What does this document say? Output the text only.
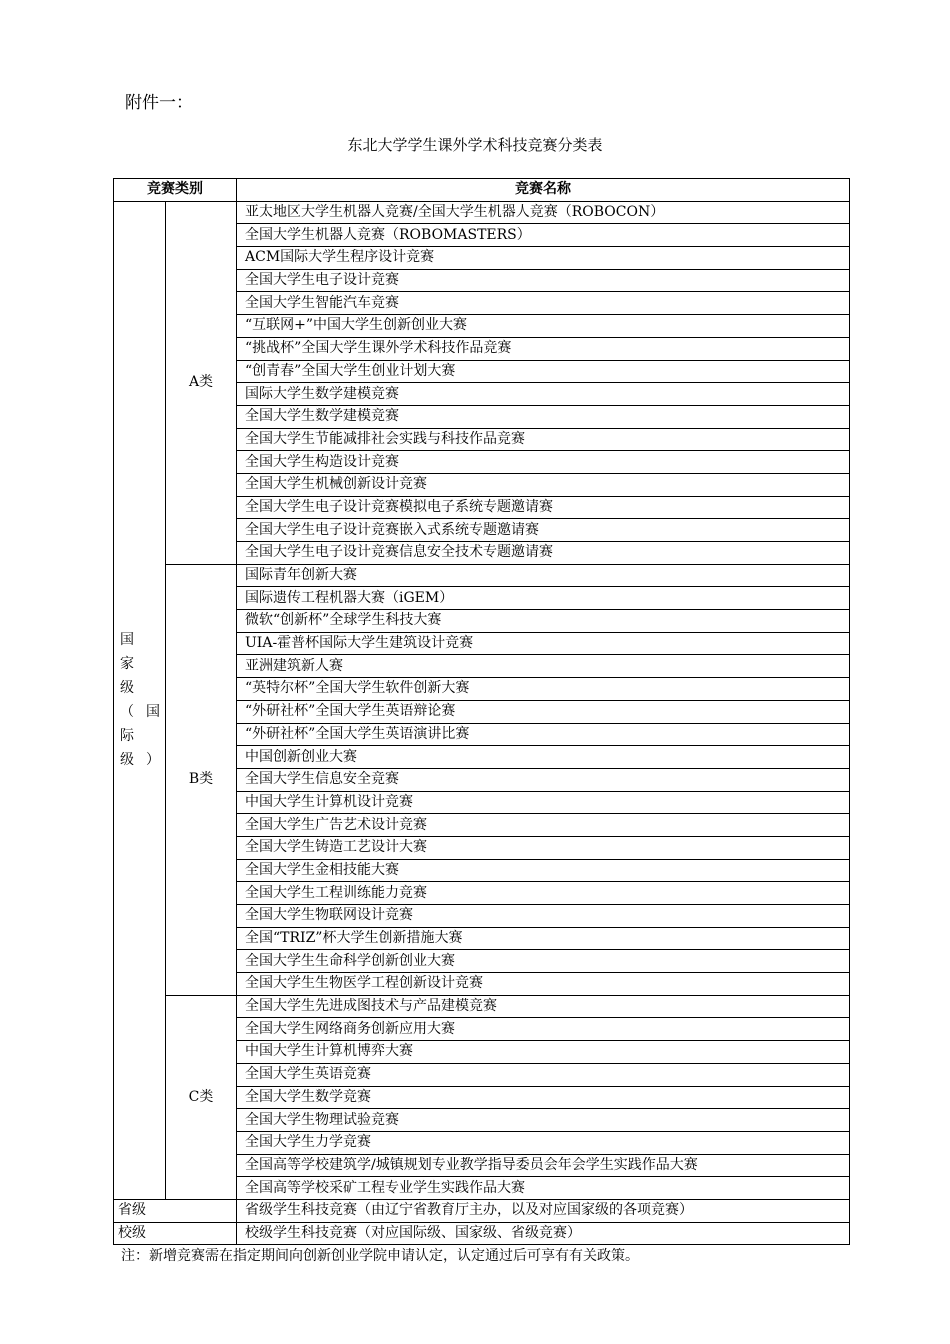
附件一：
东北大学学生课外学术科技竞赛分类表
竞赛类别		竞赛名称

国家级（国际级）	A类	亚太地区大学生机器人竞赛/全国大学生机器人竞赛（ROBOCON）
		全国大学生机器人竞赛（ROBOMASTERS）
		ACM国际大学生程序设计竞赛
		全国大学生电子设计竞赛
		全国大学生智能汽车竞赛
		“互联网+”中国大学生创新创业大赛
		“挑战杯”全国大学生课外学术科技作品竞赛
		“创青春”全国大学生创业计划大赛
		国际大学生数学建模竞赛
		全国大学生数学建模竞赛
		全国大学生节能减排社会实践与科技作品竞赛
		全国大学生构造设计竞赛
		全国大学生机械创新设计竞赛
		全国大学生电子设计竞赛模拟电子系统专题邀请赛
		全国大学生电子设计竞赛嵌入式系统专题邀请赛
		全国大学生电子设计竞赛信息安全技术专题邀请赛
	B类	国际青年创新大赛
		国际遗传工程机器大赛（iGEM）
		微软“创新杯”全球学生科技大赛
		UIA-霍普杯国际大学生建筑设计竞赛
		亚洲建筑新人赛
		“英特尔杯”全国大学生软件创新大赛
		“外研社杯”全国大学生英语辩论赛
		“外研社杯”全国大学生英语演讲比赛
		中国创新创业大赛
		全国大学生信息安全竞赛
		中国大学生计算机设计竞赛
		全国大学生广告艺术设计竞赛
		全国大学生铸造工艺设计大赛
		全国大学生金相技能大赛
		全国大学生工程训练能力竞赛
		全国大学生物联网设计竞赛
		全国“TRIZ”杯大学生创新措施大赛
		全国大学生生命科学创新创业大赛
		全国大学生生物医学工程创新设计竞赛
	C类	全国大学生先进成图技术与产品建模竞赛
		全国大学生网络商务创新应用大赛
		中国大学生计算机博弈大赛
		全国大学生英语竞赛
		全国大学生数学竞赛
		全国大学生物理试验竞赛
		全国大学生力学竞赛
		全国高等学校建筑学/城镇规划专业教学指导委员会年会学生实践作品大赛
		全国高等学校采矿工程专业学生实践作品大赛
省级		省级学生科技竞赛（由辽宁省教育厅主办，以及对应国家级的各项竞赛）
校级		校级学生科技竞赛（对应国际级、国家级、省级竞赛）
注：新增竞赛需在指定期间向创新创业学院申请认定，认定通过后可享有有关政策。
